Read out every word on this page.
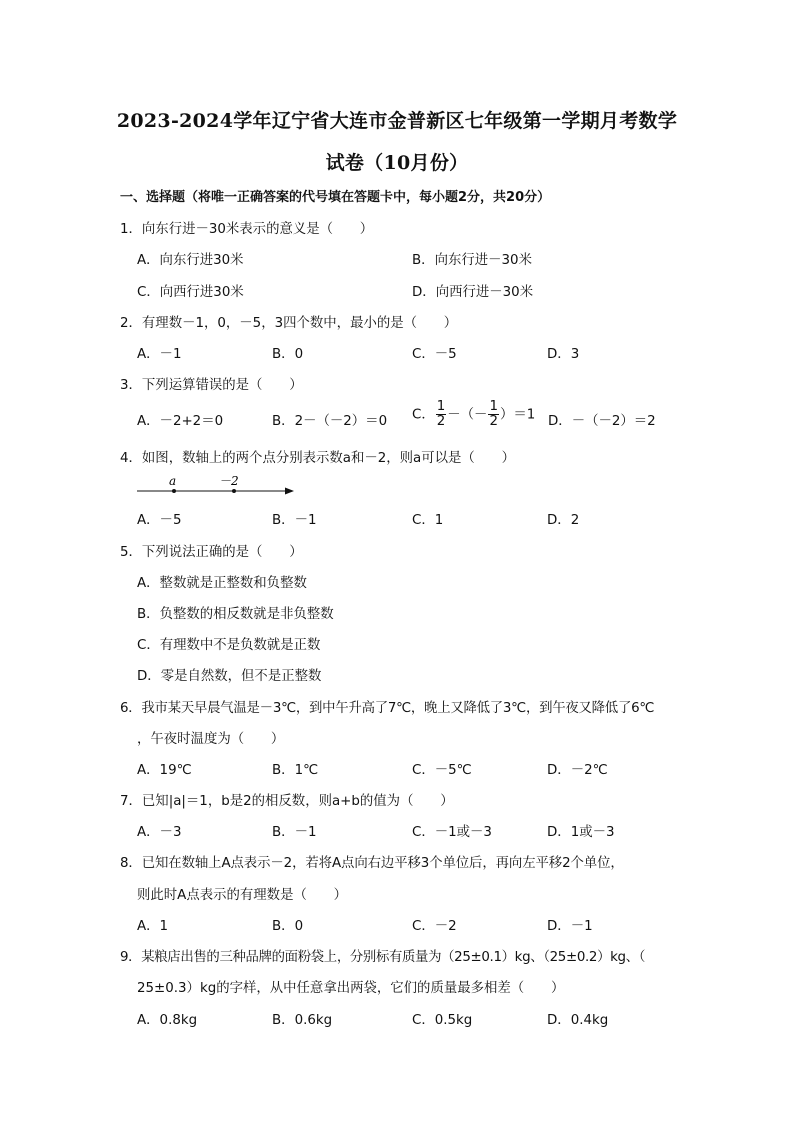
2023-2024学年辽宁省大连市金普新区七年级第一学期月考数学
试卷（10月份）
一、选择题（将唯一正确答案的代号填在答题卡中，每小题2分，共20分）
1．向东行进－30米表示的意义是（　　）
A．向东行进30米	B．向东行进－30米
C．向西行进30米	D．向西行进－30米
2．有理数－1，0，－5，3四个数中，最小的是（　　）
A．－1	B．0	C．－5	D．3
3．下列运算错误的是（　　）
A．－2+2＝0	B．2－（－2）＝0 C． $\frac{1}{2}$ －（－ $\frac{1}{2} )=1$ D．－（－2）＝2
4．如图，数轴上的两个点分别表示数a和－2，则a可以是（　　）
a	－2
A．－5	B．－1	C．1	D．2
5．下列说法正确的是（　　）
A．整数就是正整数和负整数
B．负整数的相反数就是非负整数
C．有理数中不是负数就是正数
D．零是自然数，但不是正整数
6．我市某天早晨气温是－3℃，到中午升高了7℃，晚上又降低了3℃，到午夜又降低了6℃
，午夜时温度为（　　）
A．19℃	B．1℃	C．－5℃	D．－2℃
7．已知|a|＝1，b是2的相反数，则a+b的值为（　　）
A．－3	B．－1	C．－1或－3	D．1或－3
8．已知在数轴上A点表示－2，若将A点向右边平移3个单位后，再向左平移2个单位，
则此时A点表示的有理数是（　　）
A．1	B．0	C．－2	D．－1
9．某粮店出售的三种品牌的面粉袋上，分别标有质量为（25±0.1）kg、（25±0.2）kg、（
25±0.3）kg的字样，从中任意拿出两袋，它们的质量最多相差（　　）
A．0.8kg	B．0.6kg	C．0.5kg	D．0.4kg
